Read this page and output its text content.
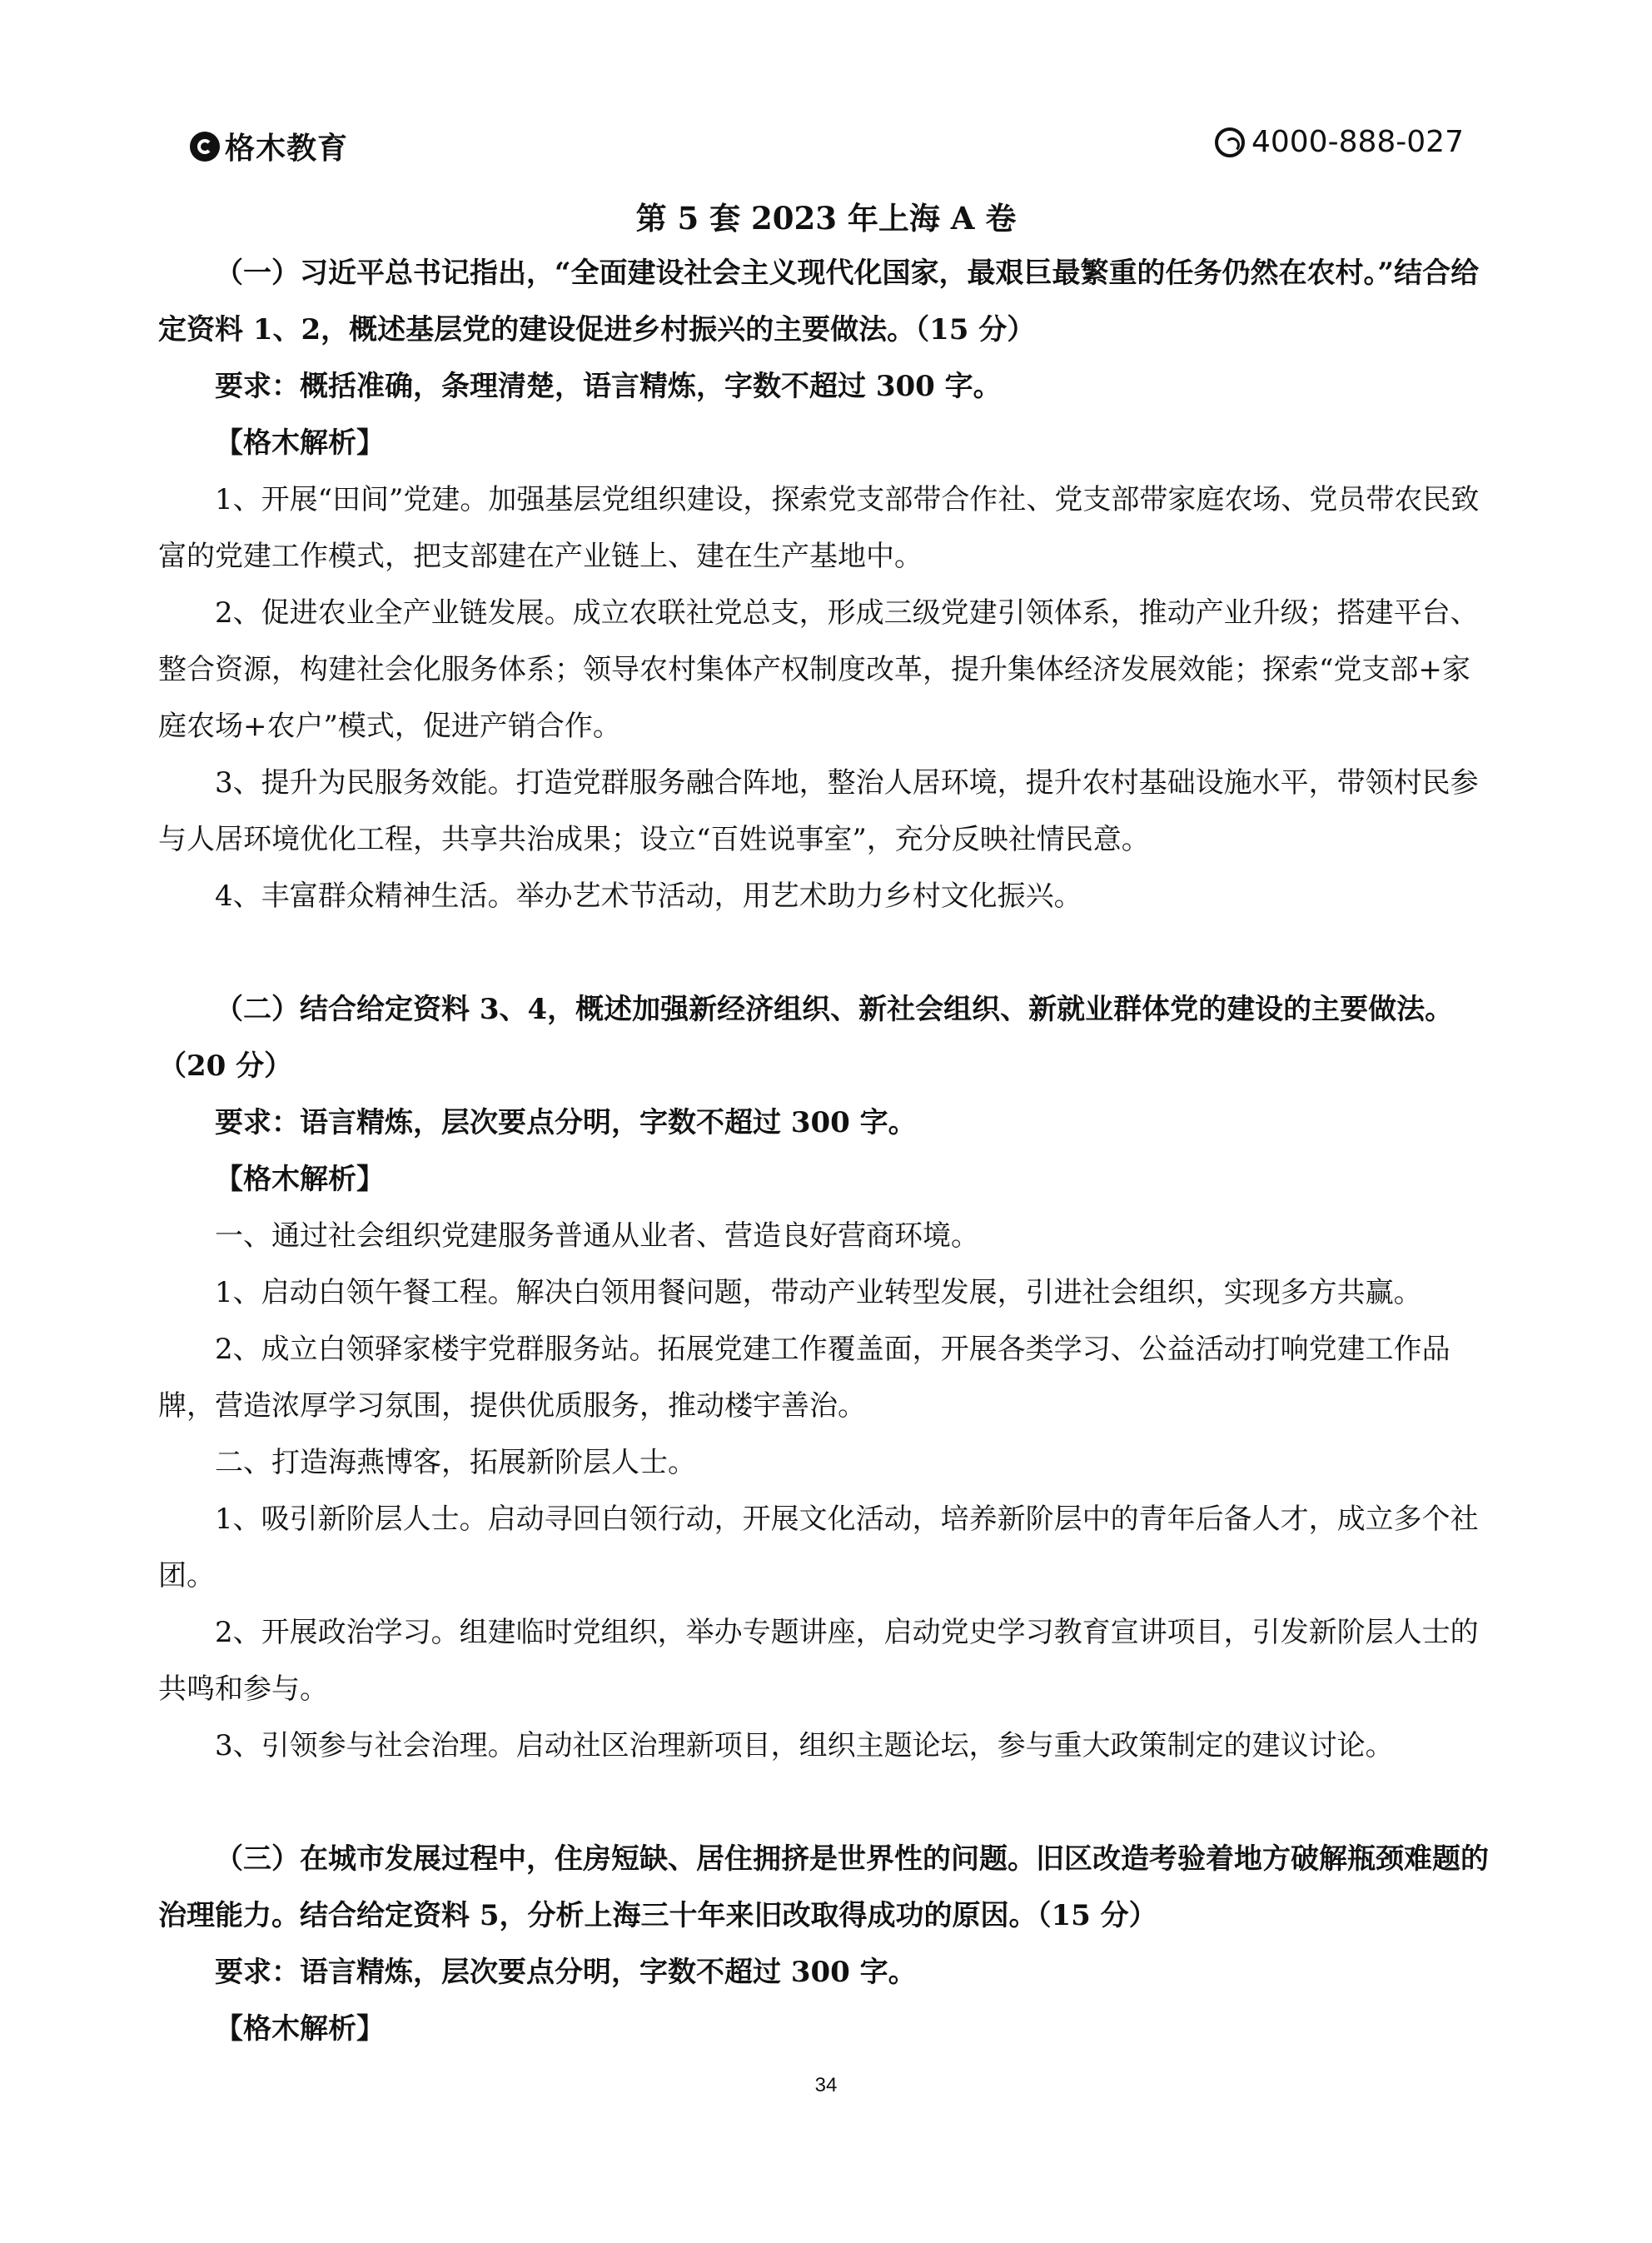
格木教育	4000-888-027
第 5 套 2023 年上海 A 卷

（一）习近平总书记指出，“全面建设社会主义现代化国家，最艰巨最繁重的任务仍然在农村。”结合给定资料 1、2，概述基层党的建设促进乡村振兴的主要做法。（15 分）

要求：概括准确，条理清楚，语言精炼，字数不超过 300 字。

【格木解析】

1、开展“田间”党建。加强基层党组织建设，探索党支部带合作社、党支部带家庭农场、党员带农民致富的党建工作模式，把支部建在产业链上、建在生产基地中。

2、促进农业全产业链发展。成立农联社党总支，形成三级党建引领体系，推动产业升级；搭建平台、整合资源，构建社会化服务体系；领导农村集体产权制度改革，提升集体经济发展效能；探索“党支部+家庭农场+农户”模式，促进产销合作。

3、提升为民服务效能。打造党群服务融合阵地，整治人居环境，提升农村基础设施水平，带领村民参与人居环境优化工程，共享共治成果；设立“百姓说事室”，充分反映社情民意。

4、丰富群众精神生活。举办艺术节活动，用艺术助力乡村文化振兴。

（二）结合给定资料 3、4，概述加强新经济组织、新社会组织、新就业群体党的建设的主要做法。（20 分）

要求：语言精炼，层次要点分明，字数不超过 300 字。

【格木解析】

一、通过社会组织党建服务普通从业者、营造良好营商环境。

1、启动白领午餐工程。解决白领用餐问题，带动产业转型发展，引进社会组织，实现多方共赢。

2、成立白领驿家楼宇党群服务站。拓展党建工作覆盖面，开展各类学习、公益活动打响党建工作品牌，营造浓厚学习氛围，提供优质服务，推动楼宇善治。

二、打造海燕博客，拓展新阶层人士。

1、吸引新阶层人士。启动寻回白领行动，开展文化活动，培养新阶层中的青年后备人才，成立多个社团。

2、开展政治学习。组建临时党组织，举办专题讲座，启动党史学习教育宣讲项目，引发新阶层人士的共鸣和参与。

3、引领参与社会治理。启动社区治理新项目，组织主题论坛，参与重大政策制定的建议讨论。

（三）在城市发展过程中，住房短缺、居住拥挤是世界性的问题。旧区改造考验着地方破解瓶颈难题的治理能力。结合给定资料 5，分析上海三十年来旧改取得成功的原因。（15 分）

要求：语言精炼，层次要点分明，字数不超过 300 字。

【格木解析】

34
